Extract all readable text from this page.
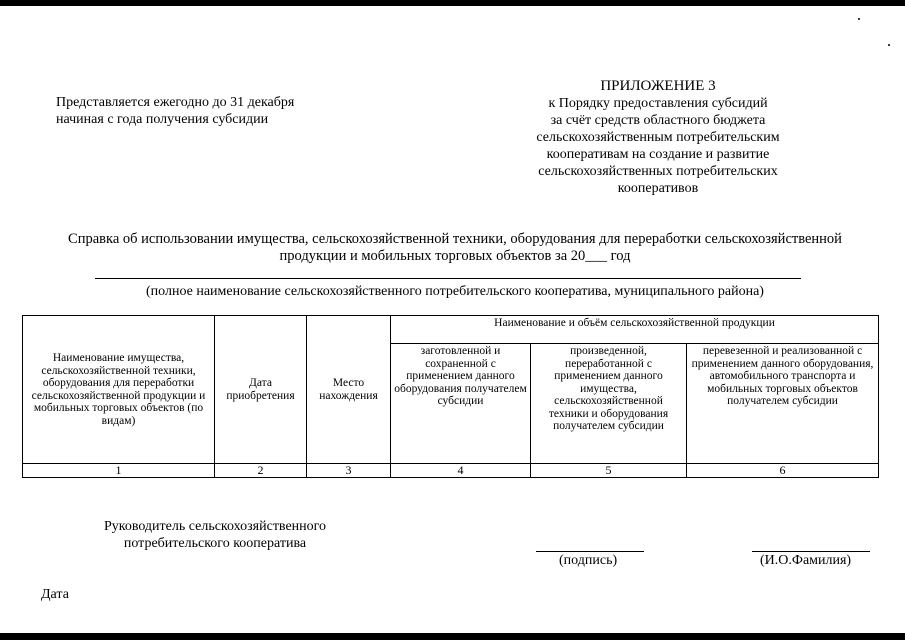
Представляется ежегодно до 31 декабря
начиная с года получения субсидии
ПРИЛОЖЕНИЕ 3
к Порядку предоставления субсидий
за счёт средств областного бюджета
сельскохозяйственным потребительским
кооперативам на создание и развитие
сельскохозяйственных потребительских
кооперативов
Справка об использовании имущества, сельскохозяйственной техники, оборудования для переработки сельскохозяйственной
продукции и мобильных торговых объектов за 20___ год
(полное наименование сельскохозяйственного потребительского кооператива, муниципального района)
Наименование имущества, сельскохозяйственной техники, оборудования для переработки сельскохозяйственной продукции и мобильных торговых объектов (по видам)	Дата приобретения	Место нахождения	Наименование и объём сельскохозяйственной продукции		
			заготовленной и сохраненной с применением данного оборудования получателем субсидии	произведенной, переработанной с применением данного имущества, сельскохозяйственной техники и оборудования получателем субсидии	перевезенной и реализованной с применением данного оборудования, автомобильного транспорта и мобильных торговых объектов получателем субсидии
1	2	3	4	5	6
Руководитель сельскохозяйственного
потребительского кооператива
(подпись)	(И.О.Фамилия)
Дата
